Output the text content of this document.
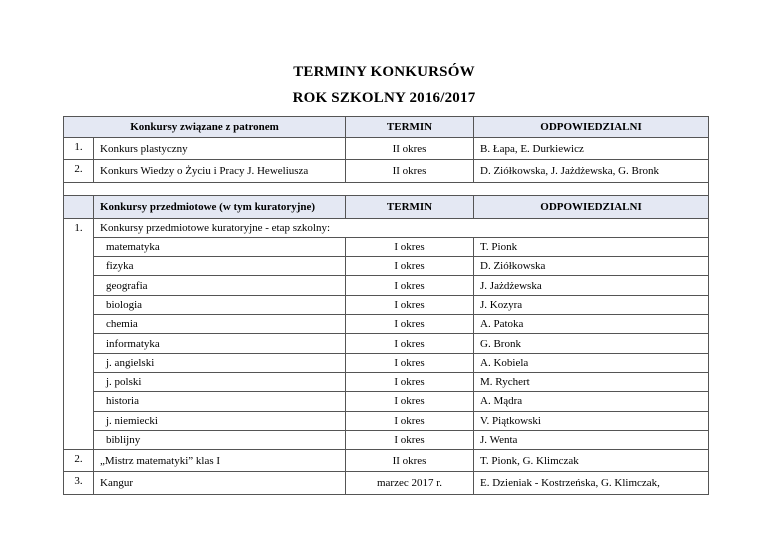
TERMINY KONKURSÓW
ROK SZKOLNY 2016/2017
Konkursy związane z patronem		TERMIN	ODPOWIEDZIALNI
1.	Konkurs plastyczny	II okres	B. Łapa, E. Durkiewicz
2.	Konkurs Wiedzy o Życiu i Pracy J. Heweliusza	II okres	D. Ziółkowska, J. Jażdżewska, G. Bronk

	Konkursy przedmiotowe (w tym kuratoryjne)	TERMIN	ODPOWIEDZIALNI
1.	Konkursy przedmiotowe kuratoryjne - etap szkolny:		
	matematyka	I okres	T. Pionk
	fizyka	I okres	D. Ziółkowska
	geografia	I okres	J. Jażdżewska
	biologia	I okres	J. Kozyra
	chemia	I okres	A. Patoka
	informatyka	I okres	G. Bronk
	j. angielski	I okres	A. Kobiela
	j. polski	I okres	M. Rychert
	historia	I okres	A. Mądra
	j. niemiecki	I okres	V. Piątkowski
	biblijny	I okres	J. Wenta
2.	„Mistrz matematyki” klas I	II okres	T. Pionk, G. Klimczak
3.	Kangur	marzec 2017 r.	E. Dzieniak - Kostrzeńska, G. Klimczak,
